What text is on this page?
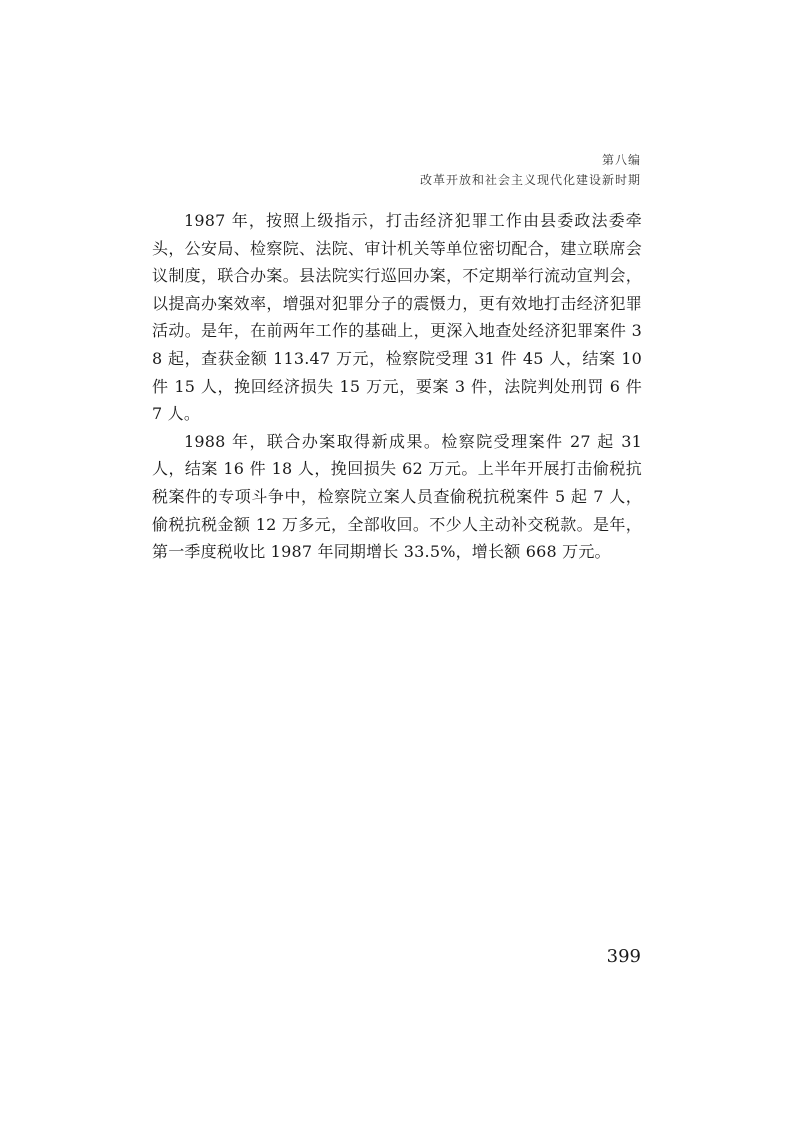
第八编
改革开放和社会主义现代化建设新时期

1987 年，按照上级指示，打击经济犯罪工作由县委政法委牵头，公安局、检察院、法院、审计机关等单位密切配合，建立联席会议制度，联合办案。县法院实行巡回办案，不定期举行流动宣判会，以提高办案效率，增强对犯罪分子的震慑力，更有效地打击经济犯罪活动。是年，在前两年工作的基础上，更深入地查处经济犯罪案件 38 起，查获金额 113.47 万元，检察院受理 31 件 45 人，结案 10 件 15 人，挽回经济损失 15 万元，要案 3 件，法院判处刑罚 6 件 7 人。

1988 年，联合办案取得新成果。检察院受理案件 27 起 31 人，结案 16 件 18 人，挽回损失 62 万元。上半年开展打击偷税抗税案件的专项斗争中，检察院立案人员查偷税抗税案件 5 起 7 人，偷税抗税金额 12 万多元，全部收回。不少人主动补交税款。是年，第一季度税收比 1987 年同期增长 33.5%，增长额 668 万元。

399
